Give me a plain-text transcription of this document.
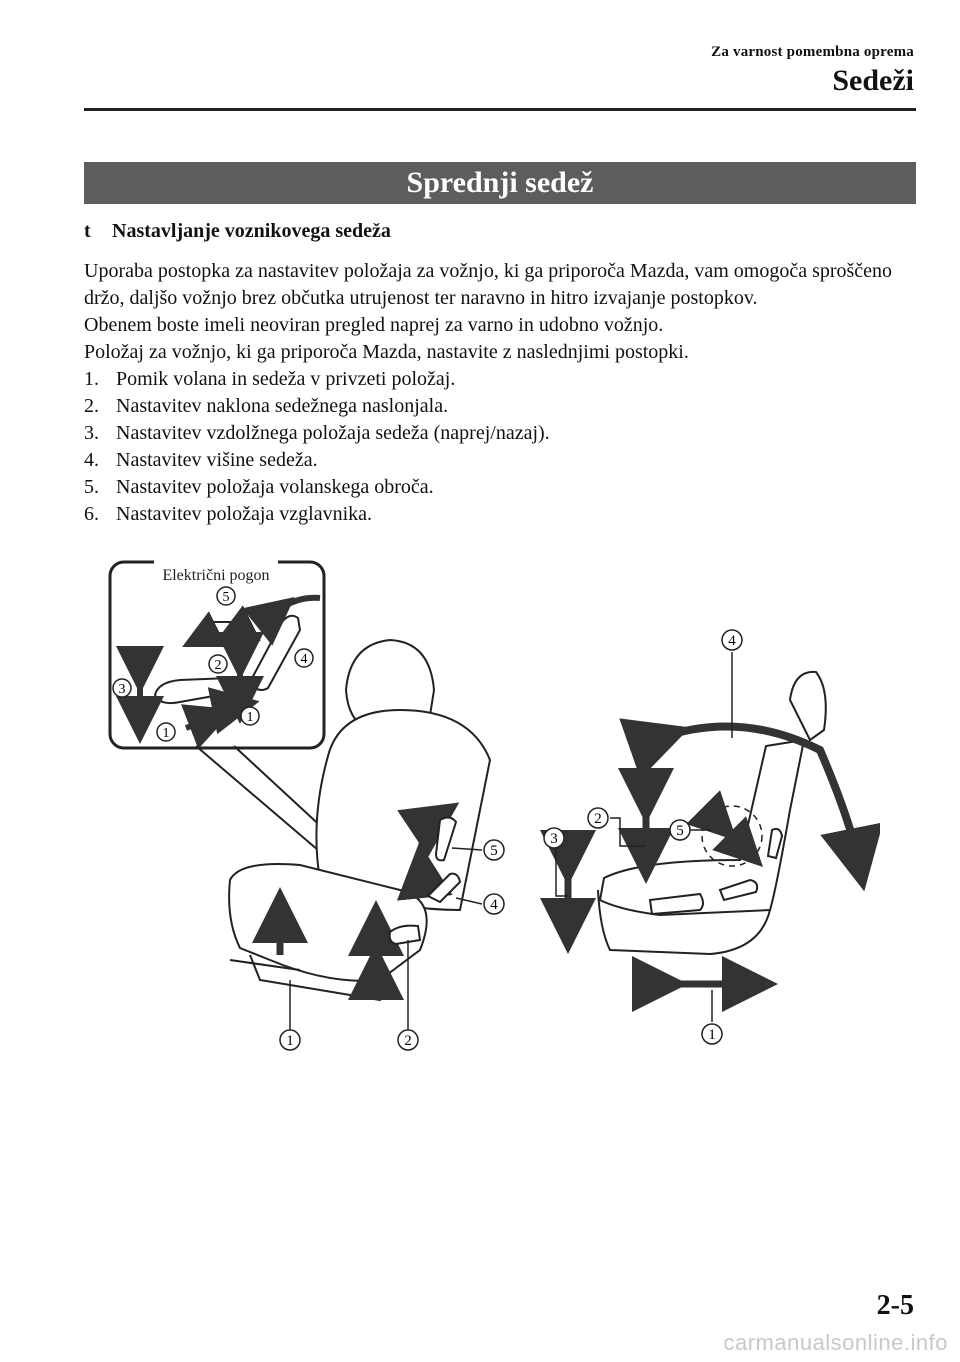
Za varnost pomembna oprema
Sedeži
Sprednji sedež
t Nastavljanje voznikovega sedeža

Uporaba postopka za nastavitev položaja za vožnjo, ki ga priporoča Mazda, vam omogoča sproščeno držo, daljšo vožnjo brez občutka utrujenost ter naravno in hitro izvajanje postopkov.

Obenem boste imeli neoviran pregled naprej za varno in udobno vožnjo.

Položaj za vožnjo, ki ga priporoča Mazda, nastavite z naslednjimi postopki.

1. Pomik volana in sedeža v privzeti položaj.
2. Nastavitev naklona sedežnega naslonjala.
3. Nastavitev vzdolžnega položaja sedeža (naprej/nazaj).
4. Nastavitev višine sedeža.
5. Nastavitev položaja volanskega obroča.
6. Nastavitev položaja vzglavnika.
Električni pogon
1
1
2
3
4
5
5
4
1	2
2
3	5
4
1
2-5
carmanualsonline.info
